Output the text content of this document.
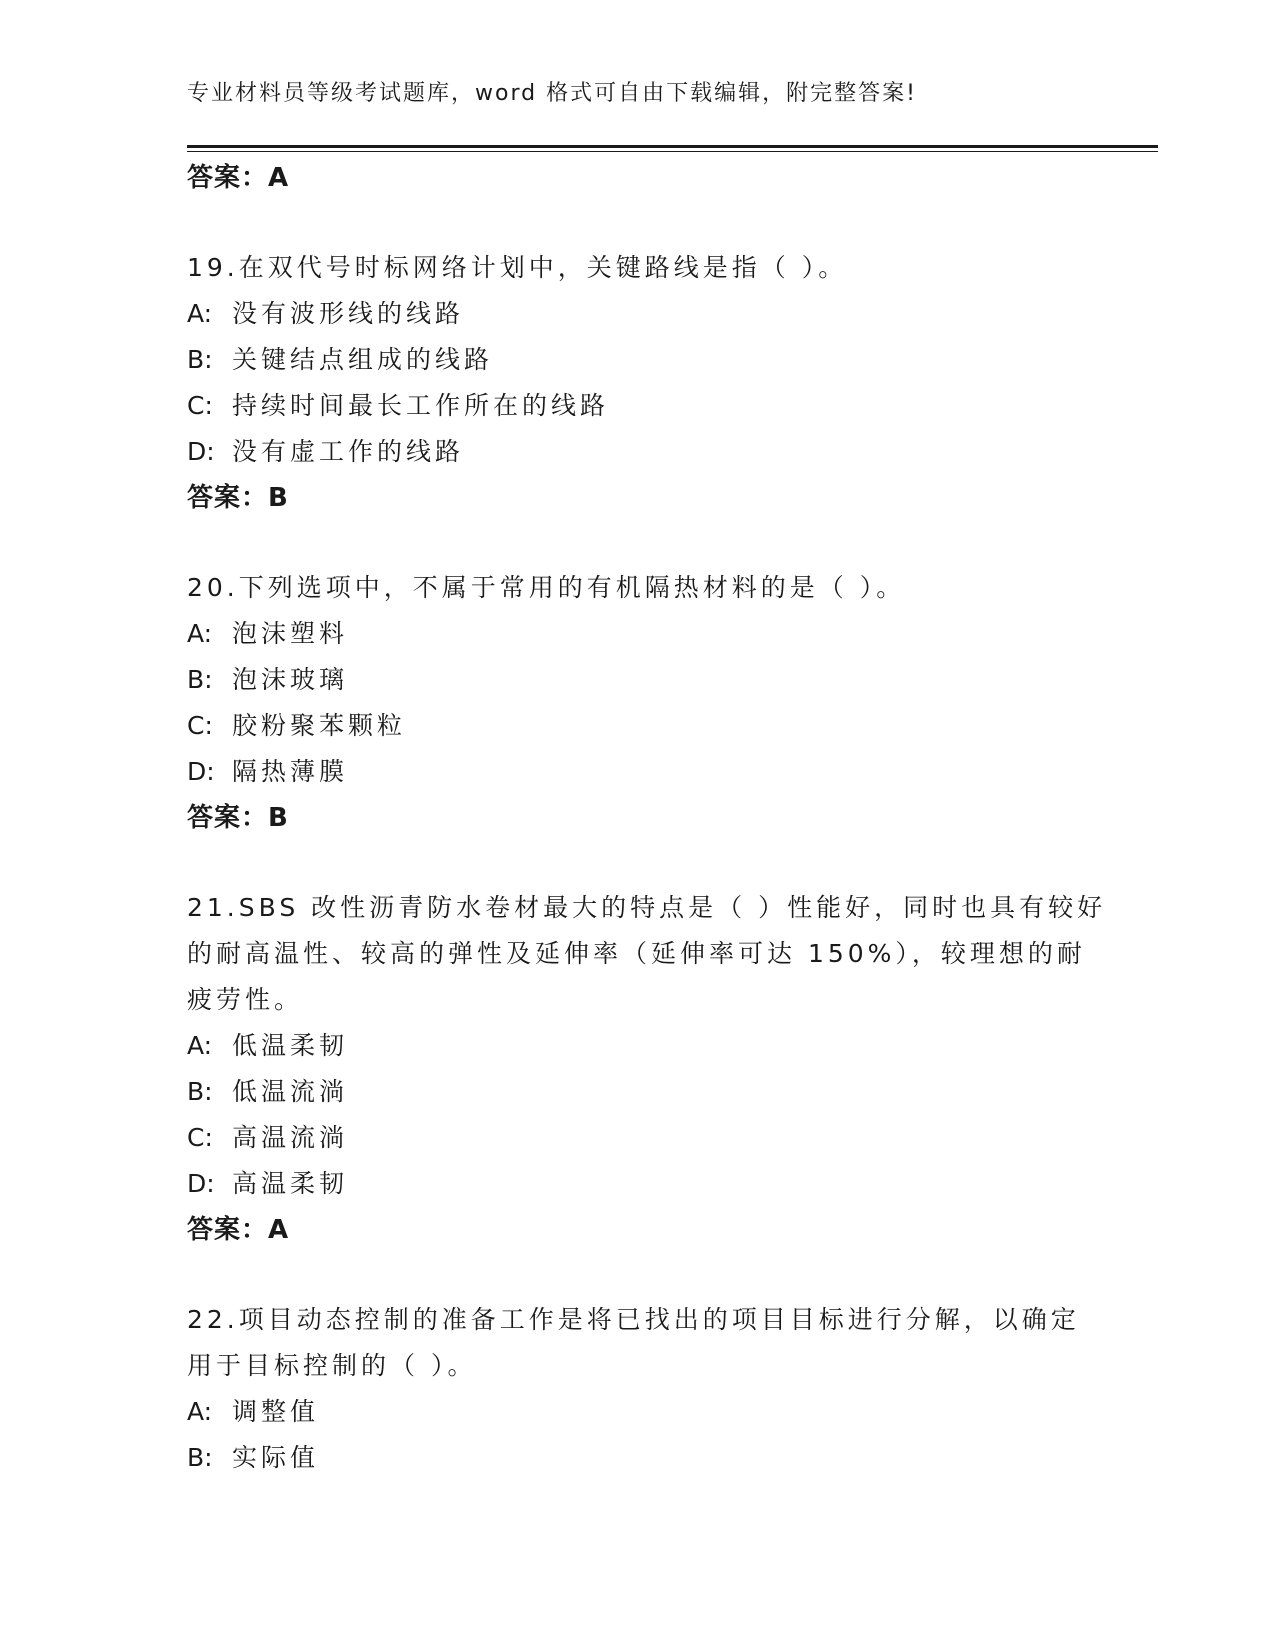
专业材料员等级考试题库，word 格式可自由下载编辑，附完整答案!
答案：A
19.在双代号时标网络计划中，关键路线是指（ ）。
A: 没有波形线的线路
B: 关键结点组成的线路
C: 持续时间最长工作所在的线路
D: 没有虚工作的线路
答案：B
20.下列选项中，不属于常用的有机隔热材料的是（ ）。
A: 泡沫塑料
B: 泡沫玻璃
C: 胶粉聚苯颗粒
D: 隔热薄膜
答案：B
21.SBS 改性沥青防水卷材最大的特点是（ ）性能好，同时也具有较好
的耐高温性、较高的弹性及延伸率（延伸率可达 150%），较理想的耐
疲劳性。
A: 低温柔韧
B: 低温流淌
C: 高温流淌
D: 高温柔韧
答案：A
22.项目动态控制的准备工作是将已找出的项目目标进行分解，以确定
用于目标控制的（ ）。
A: 调整值
B: 实际值
